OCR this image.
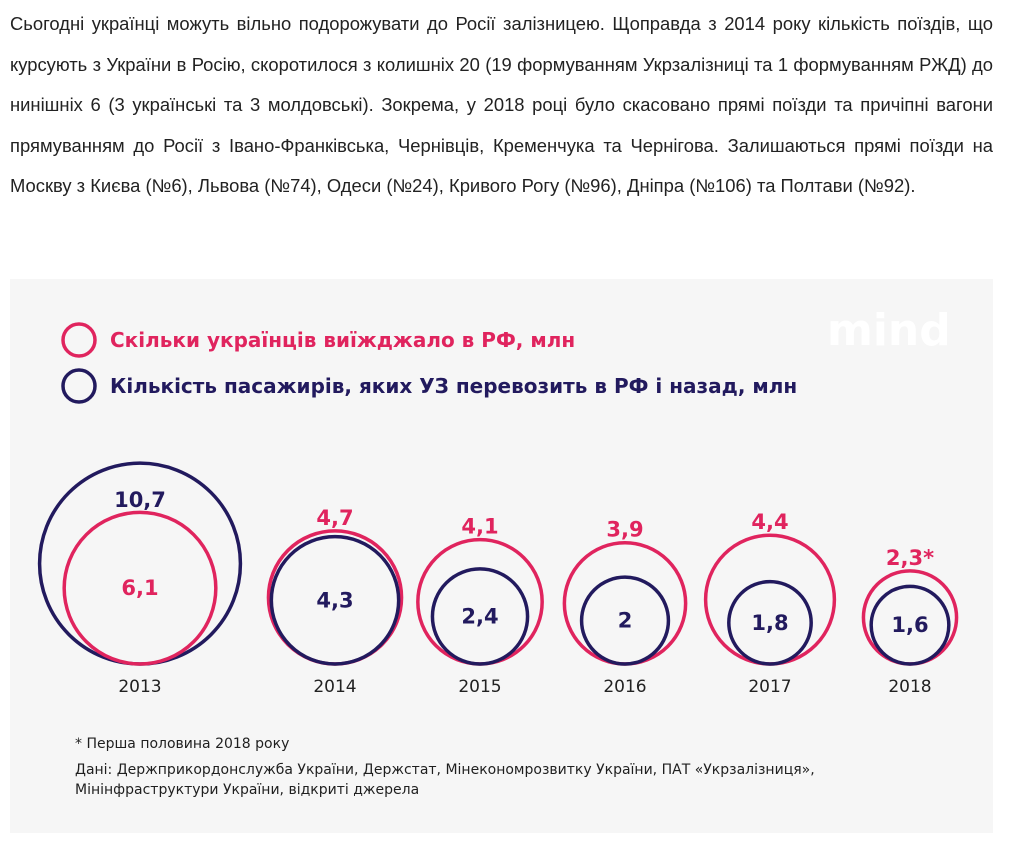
Сьогодні українці можуть вільно подорожувати до Росії залізницею. Щоправда з 2014 року кількість поїздів, що курсують з України в Росію, скоротилося з колишніх 20 (19 формуванням Укрзалізниці та 1 формуванням РЖД) до нинішніх 6 (3 українські та 3 молдовські). Зокрема, у 2018 році було скасовано прямі поїзди та причіпні вагони прямуванням до Росії з Івано-Франківська, Чернівців, Кременчука та Чернігова. Залишаються прямі поїзди на Москву з Києва (№6), Львова (№74), Одеси (№24), Кривого Рогу (№96), Дніпра (№106) та Полтави (№92).
mind
Скільки українців виїжджало в РФ, млн
Кількість пасажирів, яких УЗ перевозить в РФ і назад, млн
10,7
6,1
2013
4,7
4,3
2014
4,1
2,4
2015
3,9
2
2016
4,4
1,8
2017
2,3*
1,6
2018
* Перша половина 2018 року
Дані: Держприкордонслужба України, Держстат, Мінекономрозвитку України, ПАТ «Укрзалізниця»,
Мінінфраструктури України, відкриті джерела
